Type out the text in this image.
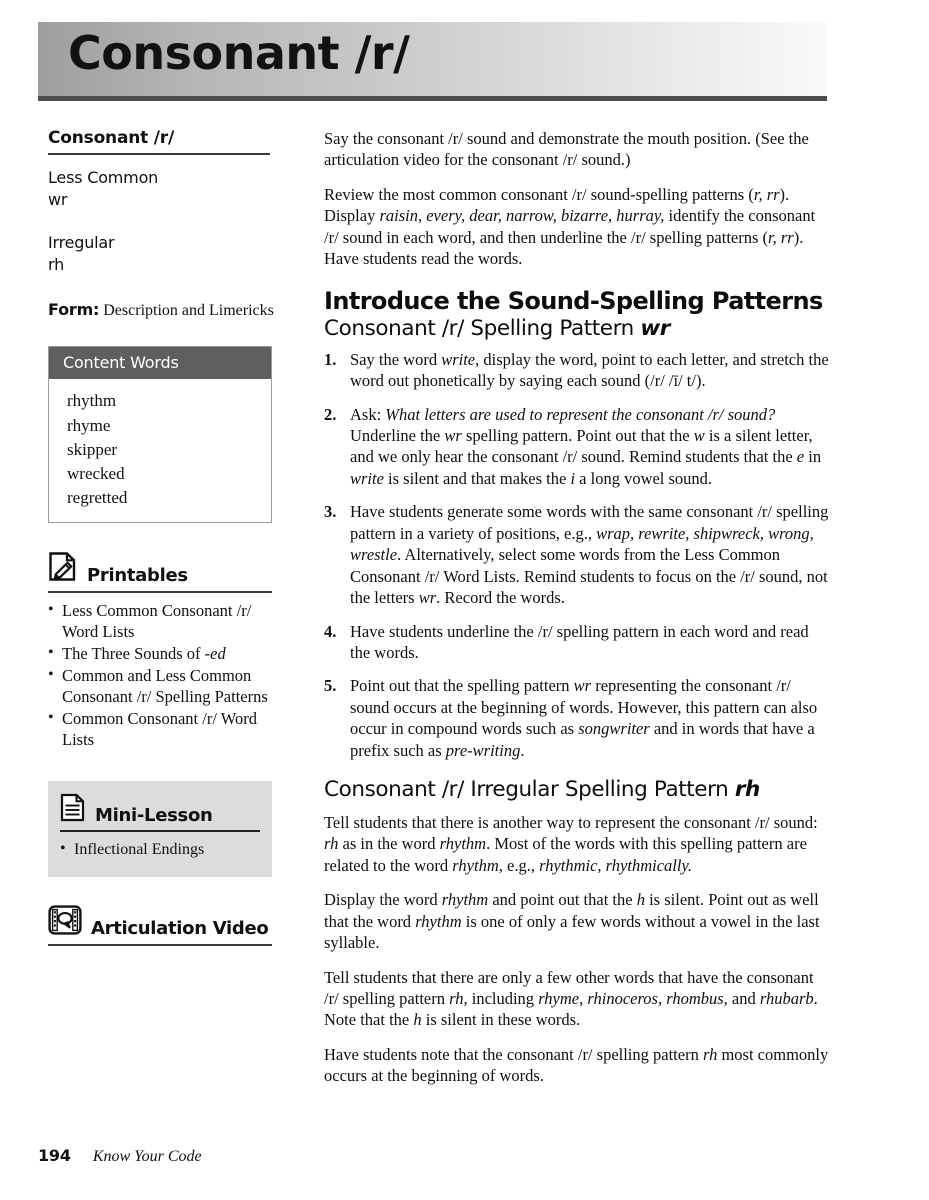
Consonant /r/
Consonant /r/
Less Common
wr
Irregular
rh
Form: Description and Limericks
Content Words
rhythm
rhyme
skipper
wrecked
regretted
Printables
• Less Common Consonant /r/ Word Lists
• The Three Sounds of -ed
• Common and Less Common Consonant /r/ Spelling Patterns
• Common Consonant /r/ Word Lists
Mini-Lesson
• Inflectional Endings
Articulation Video

Say the consonant /r/ sound and demonstrate the mouth position. (See the articulation video for the consonant /r/ sound.)

Review the most common consonant /r/ sound-spelling patterns (r, rr). Display raisin, every, dear, narrow, bizarre, hurray, identify the consonant /r/ sound in each word, and then underline the /r/ spelling patterns (r, rr). Have students read the words.

Introduce the Sound-Spelling Patterns
Consonant /r/ Spelling Pattern wr
1. Say the word write, display the word, point to each letter, and stretch the word out phonetically by saying each sound (/r/ /ī/ t/).
2. Ask: What letters are used to represent the consonant /r/ sound? Underline the wr spelling pattern. Point out that the w is a silent letter, and we only hear the consonant /r/ sound. Remind students that the e in write is silent and that makes the i a long vowel sound.
3. Have students generate some words with the same consonant /r/ spelling pattern in a variety of positions, e.g., wrap, rewrite, shipwreck, wrong, wrestle. Alternatively, select some words from the Less Common Consonant /r/ Word Lists. Remind students to focus on the /r/ sound, not the letters wr. Record the words.
4. Have students underline the /r/ spelling pattern in each word and read the words.
5. Point out that the spelling pattern wr representing the consonant /r/ sound occurs at the beginning of words. However, this pattern can also occur in compound words such as songwriter and in words that have a prefix such as pre-writing.
Consonant /r/ Irregular Spelling Pattern rh

Tell students that there is another way to represent the consonant /r/ sound: rh as in the word rhythm. Most of the words with this spelling pattern are related to the word rhythm, e.g., rhythmic, rhythmically.

Display the word rhythm and point out that the h is silent. Point out as well that the word rhythm is one of only a few words without a vowel in the last syllable.

Tell students that there are only a few other words that have the consonant /r/ spelling pattern rh, including rhyme, rhinoceros, rhombus, and rhubarb. Note that the h is silent in these words.

Have students note that the consonant /r/ spelling pattern rh most commonly occurs at the beginning of words.

194 Know Your Code
